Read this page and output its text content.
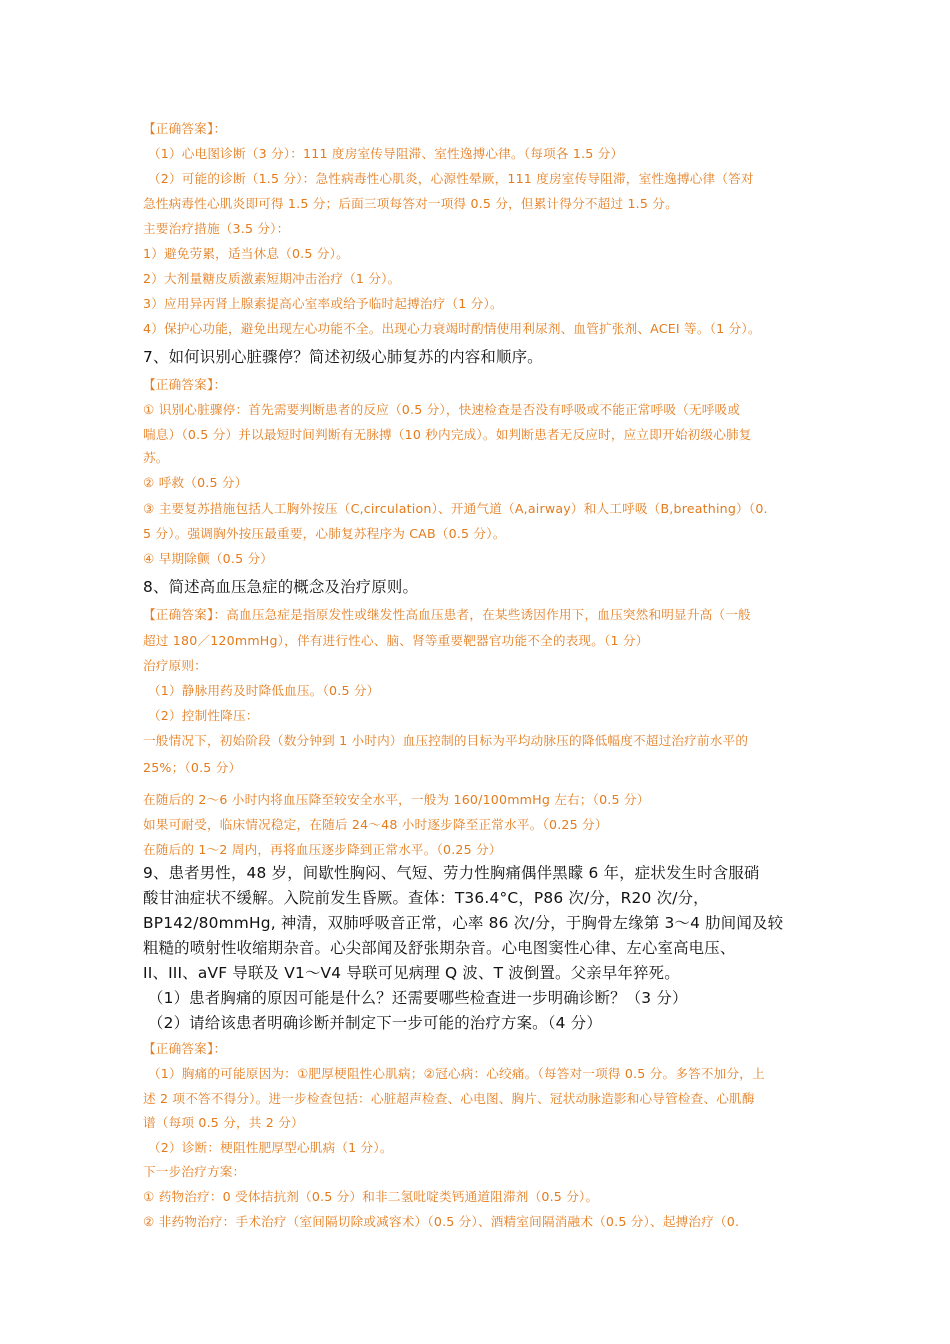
【正确答案】：
（1）心电图诊断（3 分）：111 度房室传导阻滞、室性逸搏心律。（每项各 1.5 分）
（2）可能的诊断（1.5 分）：急性病毒性心肌炎，心源性晕厥，111 度房室传导阻滞，室性逸搏心律（答对
急性病毒性心肌炎即可得 1.5 分；后面三项每答对一项得 0.5 分，但累计得分不超过 1.5 分。
主要治疗措施（3.5 分）：
1）避免劳累，适当休息（0.5 分）。
2）大剂量糖皮质激素短期冲击治疗（1 分）。
3）应用异丙肾上腺素提高心室率或给予临时起搏治疗（1 分）。
4）保护心功能，避免出现左心功能不全。出现心力衰竭时酌情使用利尿剂、血管扩张剂、ACEI 等。（1 分）。
7、如何识别心脏骤停？简述初级心肺复苏的内容和顺序。
【正确答案】：
① 识别心脏骤停：首先需要判断患者的反应（0.5 分），快速检查是否没有呼吸或不能正常呼吸（无呼吸或
喘息）（0.5 分）并以最短时间判断有无脉搏（10 秒内完成）。如判断患者无反应时，应立即开始初级心肺复
苏。
② 呼救（0.5 分）
③ 主要复苏措施包括人工胸外按压（C,circulation）、开通气道（A,airway）和人工呼吸（B,breathing）（0.
5 分）。强调胸外按压最重要，心肺复苏程序为 CAB（0.5 分）。
④ 早期除颤（0.5 分）
8、简述高血压急症的概念及治疗原则。
【正确答案】：高血压急症是指原发性或继发性高血压患者，在某些诱因作用下，血压突然和明显升高（一般
超过 180／120mmHg），伴有进行性心、脑、肾等重要靶器官功能不全的表现。（1 分）
治疗原则：
（1）静脉用药及时降低血压。（0.5 分）
（2）控制性降压：
一般情况下，初始阶段（数分钟到 1 小时内）血压控制的目标为平均动脉压的降低幅度不超过治疗前水平的
25%；（0.5 分）
在随后的 2～6 小时内将血压降至较安全水平，一般为 160/100mmHg 左右；（0.5 分）
如果可耐受，临床情况稳定，在随后 24～48 小时逐步降至正常水平。（0.25 分）
在随后的 1～2 周内，再将血压逐步降到正常水平。（0.25 分）
9、患者男性，48 岁，间歇性胸闷、气短、劳力性胸痛偶伴黑矇 6 年，症状发生时含服硝
酸甘油症状不缓解。入院前发生昏厥。查体：T36.4°C，P86 次/分，R20 次/分，
BP142/80mmHg, 神清，双肺呼吸音正常，心率 86 次/分，于胸骨左缘第 3～4 肋间闻及较
粗糙的喷射性收缩期杂音。心尖部闻及舒张期杂音。心电图窦性心律、左心室高电压、
II、III、aVF 导联及 V1～V4 导联可见病理 Q 波、T 波倒置。父亲早年猝死。
（1）患者胸痛的原因可能是什么？还需要哪些检查进一步明确诊断？（3 分）
（2）请给该患者明确诊断并制定下一步可能的治疗方案。（4 分）
【正确答案】：
（1）胸痛的可能原因为：①肥厚梗阻性心肌病；②冠心病：心绞痛。（每答对一项得 0.5 分。多答不加分，上
述 2 项不答不得分）。进一步检查包括：心脏超声检查、心电图、胸片、冠状动脉造影和心导管检查、心肌酶
谱（每项 0.5 分，共 2 分）
（2）诊断：梗阻性肥厚型心肌病（1 分）。
下一步治疗方案：
① 药物治疗：0 受体拮抗剂（0.5 分）和非二氢吡啶类钙通道阻滞剂（0.5 分）。
② 非药物治疗：手术治疗（室间隔切除或减容术）（0.5 分）、酒精室间隔消融术（0.5 分）、起搏治疗（0.
